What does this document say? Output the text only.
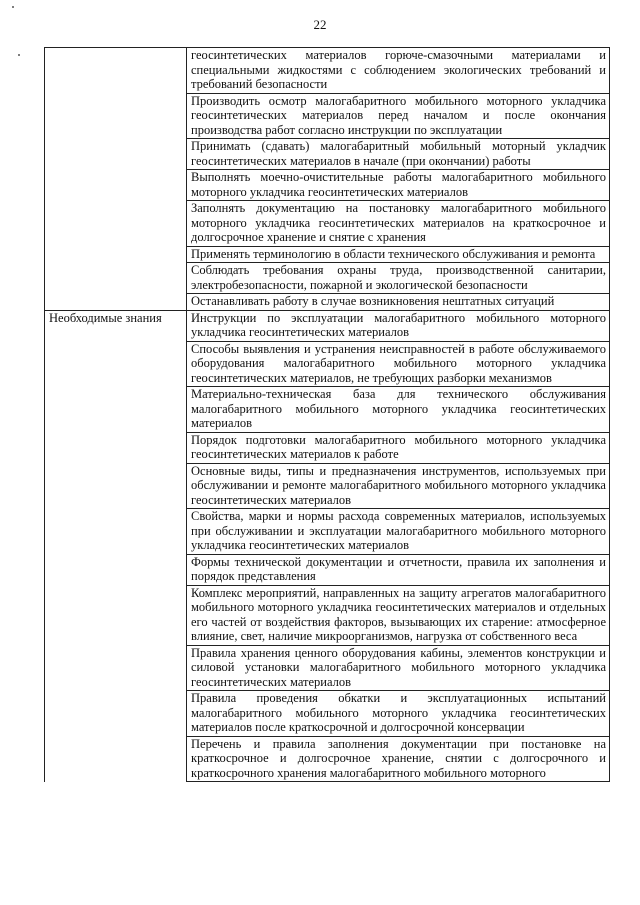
22

	геосинтетических материалов горюче-смазочными материалами и специальными жидкостями с соблюдением экологических требований и требований безопасности

	Производить осмотр малогабаритного мобильного моторного укладчика геосинтетических материалов перед началом и после окончания производства работ согласно инструкции по эксплуатации

	Принимать (сдавать) малогабаритный мобильный моторный укладчик геосинтетических материалов в начале (при окончании) работы

	Выполнять моечно-очистительные работы малогабаритного мобильного моторного укладчика геосинтетических материалов

	Заполнять документацию на постановку малогабаритного мобильного моторного укладчика геосинтетических материалов на краткосрочное и долгосрочное хранение и снятие с хранения

	Применять терминологию в области технического обслуживания и ремонта

	Соблюдать требования охраны труда, производственной санитарии, электробезопасности, пожарной и экологической безопасности

	Останавливать работу в случае возникновения нештатных ситуаций

Необходимые знания	Инструкции по эксплуатации малогабаритного мобильного моторного укладчика геосинтетических материалов

	Способы выявления и устранения неисправностей в работе обслуживаемого оборудования малогабаритного мобильного моторного укладчика геосинтетических материалов, не требующих разборки механизмов

	Материально-техническая база для технического обслуживания малогабаритного мобильного моторного укладчика геосинтетических материалов

	Порядок подготовки малогабаритного мобильного моторного укладчика геосинтетических материалов к работе

	Основные виды, типы и предназначения инструментов, используемых при обслуживании и ремонте малогабаритного мобильного моторного укладчика геосинтетических материалов

	Свойства, марки и нормы расхода современных материалов, используемых при обслуживании и эксплуатации малогабаритного мобильного моторного укладчика геосинтетических материалов

	Формы технической документации и отчетности, правила их заполнения и порядок представления

	Комплекс мероприятий, направленных на защиту агрегатов малогабаритного мобильного моторного укладчика геосинтетических материалов и отдельных его частей от воздействия факторов, вызывающих их старение: атмосферное влияние, свет, наличие микроорганизмов, нагрузка от собственного веса

	Правила хранения ценного оборудования кабины, элементов конструкции и силовой установки малогабаритного мобильного моторного укладчика геосинтетических материалов

	Правила проведения обкатки и эксплуатационных испытаний малогабаритного мобильного моторного укладчика геосинтетических материалов после краткосрочной и долгосрочной консервации

	Перечень и правила заполнения документации при постановке на краткосрочное и долгосрочное хранение, снятии с долгосрочного и краткосрочного хранения малогабаритного мобильного моторного
